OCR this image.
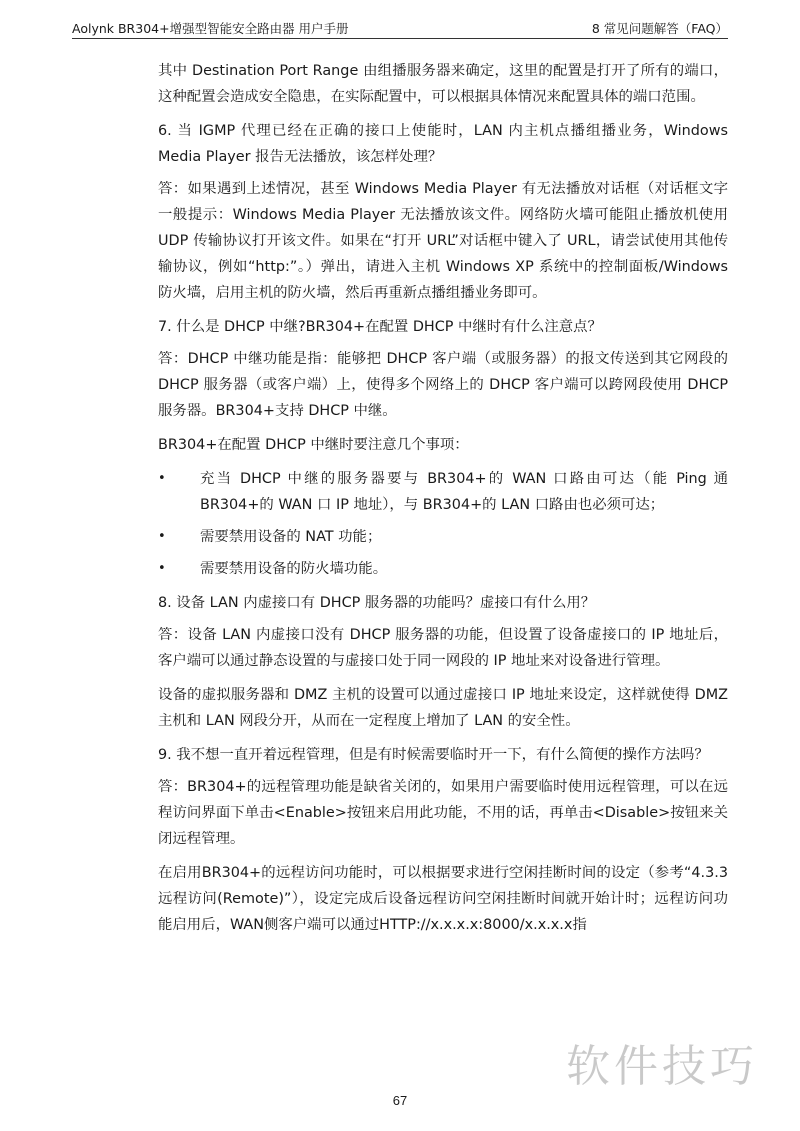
Aolynk BR304+增强型智能安全路由器 用户手册	8 常见问题解答（FAQ）

其中 Destination Port Range 由组播服务器来确定，这里的配置是打开了所有的端口，这种配置会造成安全隐患，在实际配置中，可以根据具体情况来配置具体的端口范围。

6. 当 IGMP 代理已经在正确的接口上使能时，LAN 内主机点播组播业务，Windows Media Player 报告无法播放，该怎样处理？

答：如果遇到上述情况，甚至 Windows Media Player 有无法播放对话框（对话框文字一般提示：Windows Media Player 无法播放该文件。网络防火墙可能阻止播放机使用 UDP 传输协议打开该文件。如果在“打开 URL”对话框中键入了 URL，请尝试使用其他传输协议，例如“http:”。）弹出，请进入主机 Windows XP 系统中的控制面板/Windows 防火墙，启用主机的防火墙，然后再重新点播组播业务即可。

7. 什么是 DHCP 中继?BR304+在配置 DHCP 中继时有什么注意点？

答：DHCP 中继功能是指：能够把 DHCP 客户端（或服务器）的报文传送到其它网段的 DHCP 服务器（或客户端）上，使得多个网络上的 DHCP 客户端可以跨网段使用 DHCP 服务器。BR304+支持 DHCP 中继。

BR304+在配置 DHCP 中继时要注意几个事项：

• 充当 DHCP 中继的服务器要与 BR304+的 WAN 口路由可达（能 Ping 通 BR304+的 WAN 口 IP 地址），与 BR304+的 LAN 口路由也必须可达；
• 需要禁用设备的 NAT 功能；
• 需要禁用设备的防火墙功能。

8. 设备 LAN 内虚接口有 DHCP 服务器的功能吗？虚接口有什么用？

答：设备 LAN 内虚接口没有 DHCP 服务器的功能，但设置了设备虚接口的 IP 地址后，客户端可以通过静态设置的与虚接口处于同一网段的 IP 地址来对设备进行管理。

设备的虚拟服务器和 DMZ 主机的设置可以通过虚接口 IP 地址来设定，这样就使得 DMZ 主机和 LAN 网段分开，从而在一定程度上增加了 LAN 的安全性。

9. 我不想一直开着远程管理，但是有时候需要临时开一下，有什么简便的操作方法吗？

答：BR304+的远程管理功能是缺省关闭的，如果用户需要临时使用远程管理，可以在远程访问界面下单击<Enable>按钮来启用此功能，不用的话，再单击<Disable>按钮来关闭远程管理。

在启用BR304+的远程访问功能时，可以根据要求进行空闲挂断时间的设定（参考“4.3.3 远程访问(Remote)”），设定完成后设备远程访问空闲挂断时间就开始计时；远程访问功能启用后，WAN侧客户端可以通过HTTP://x.x.x.x:8000/x.x.x.x指

软件技巧
67
